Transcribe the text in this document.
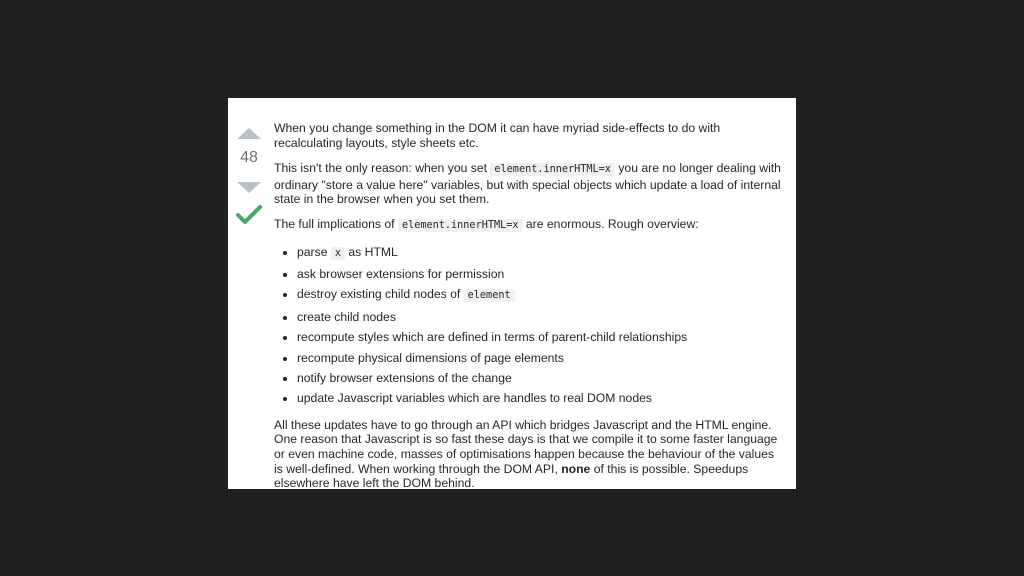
48

When you change something in the DOM it can have myriad side-effects to do with recalculating layouts, style sheets etc.

This isn't the only reason: when you set element.innerHTML=x you are no longer dealing with ordinary "store a value here" variables, but with special objects which update a load of internal state in the browser when you set them.

The full implications of element.innerHTML=x are enormous. Rough overview:

• parse x as HTML
• ask browser extensions for permission
• destroy existing child nodes of element
• create child nodes
• recompute styles which are defined in terms of parent-child relationships
• recompute physical dimensions of page elements
• notify browser extensions of the change
• update Javascript variables which are handles to real DOM nodes

All these updates have to go through an API which bridges Javascript and the HTML engine. One reason that Javascript is so fast these days is that we compile it to some faster language or even machine code, masses of optimisations happen because the behaviour of the values is well-defined. When working through the DOM API, none of this is possible. Speedups elsewhere have left the DOM behind.
